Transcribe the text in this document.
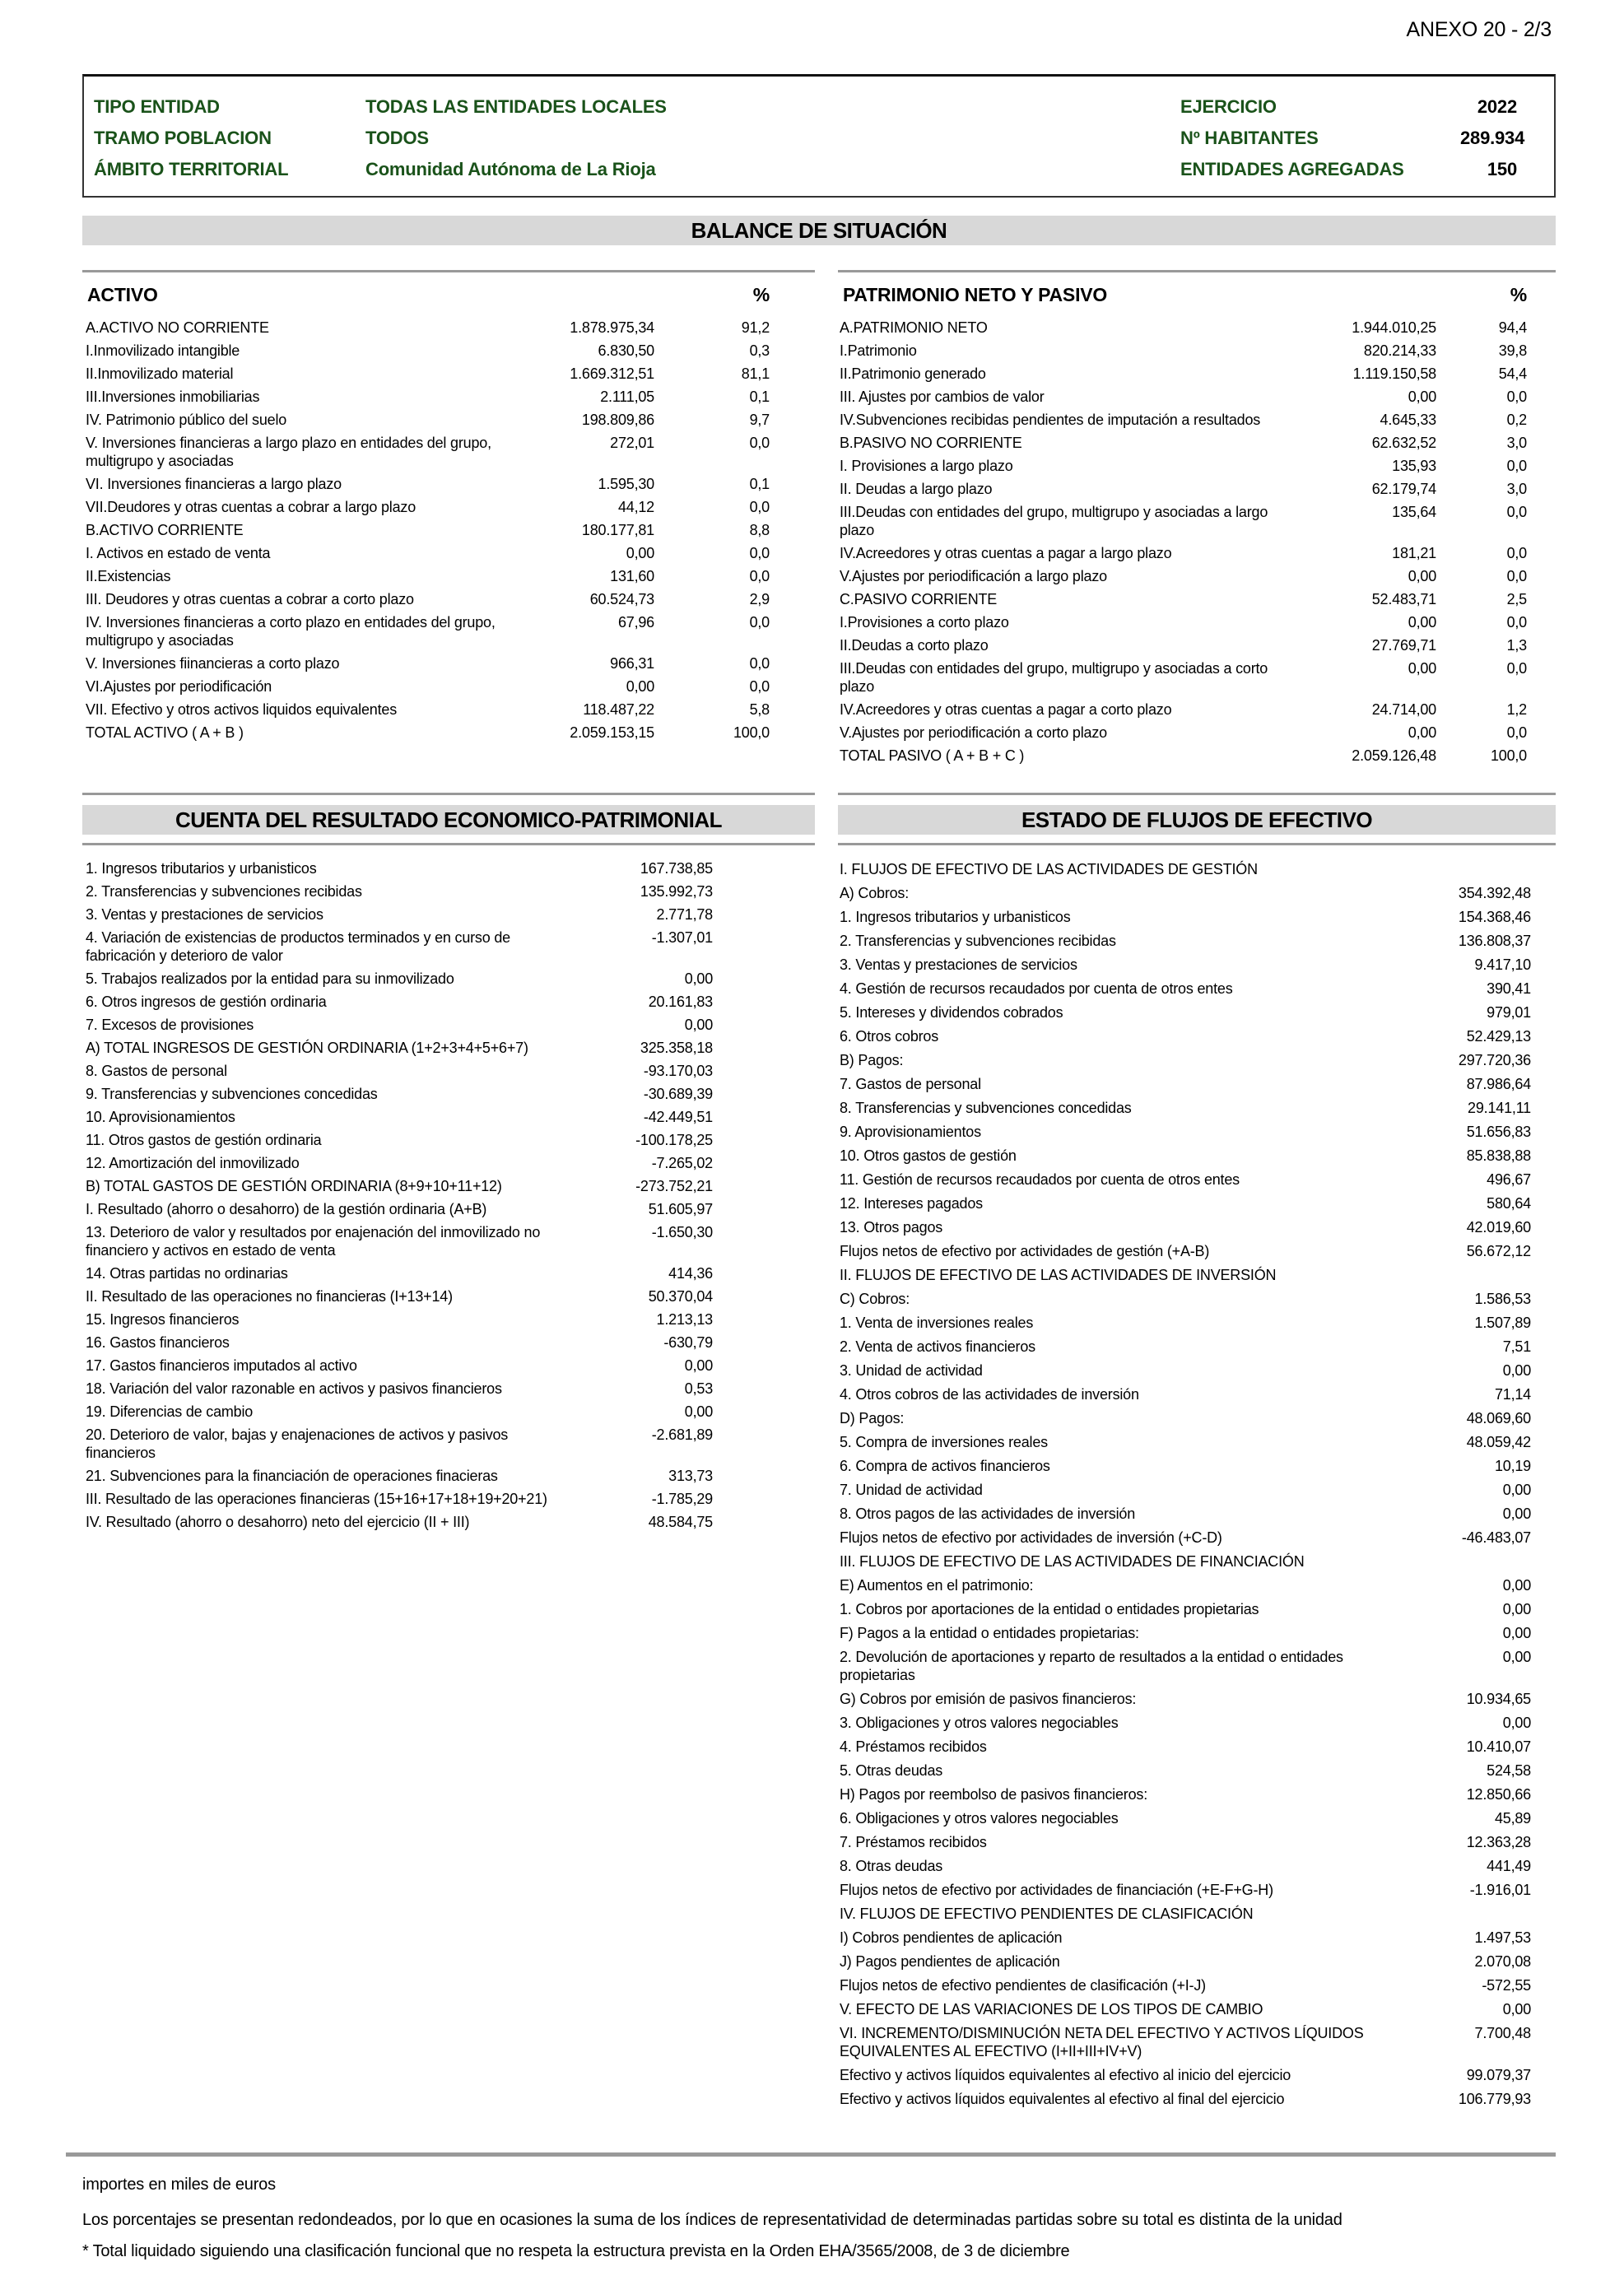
ANEXO 20 - 2/3
TIPO ENTIDAD	TODAS LAS ENTIDADES LOCALES	EJERCICIO	2022
TRAMO POBLACION	TODOS	Nº HABITANTES	289.934
ÁMBITO TERRITORIAL	Comunidad Autónoma de La Rioja	ENTIDADES AGREGADAS	150
BALANCE DE SITUACIÓN
ACTIVO	%
A.ACTIVO NO CORRIENTE	1.878.975,34	91,2
I.Inmovilizado intangible	6.830,50	0,3
II.Inmovilizado material	1.669.312,51	81,1
III.Inversiones inmobiliarias	2.111,05	0,1
IV. Patrimonio público del suelo	198.809,86	9,7
V. Inversiones financieras a largo plazo en entidades del grupo, multigrupo y asociadas
272,01	0,0
VI. Inversiones financieras a largo plazo	1.595,30	0,1
VII.Deudores y otras cuentas a cobrar a largo plazo	44,12	0,0
B.ACTIVO CORRIENTE	180.177,81	8,8
I. Activos en estado de venta	0,00	0,0
II.Existencias	131,60	0,0
III. Deudores y otras cuentas a cobrar a corto plazo	60.524,73	2,9
IV. Inversiones financieras a corto plazo en entidades del grupo, multigrupo y asociadas
67,96	0,0
V. Inversiones fiinancieras a corto plazo	966,31	0,0
VI.Ajustes por periodificación	0,00	0,0
VII. Efectivo y otros activos liquidos equivalentes	118.487,22	5,8
TOTAL ACTIVO ( A + B )	2.059.153,15	100,0
PATRIMONIO NETO Y PASIVO	%
A.PATRIMONIO NETO	1.944.010,25	94,4
I.Patrimonio	820.214,33	39,8
II.Patrimonio generado	1.119.150,58	54,4
III. Ajustes por cambios de valor	0,00	0,0
IV.Subvenciones recibidas pendientes de imputación a resultados	4.645,33	0,2
B.PASIVO NO CORRIENTE	62.632,52	3,0
I. Provisiones a largo plazo	135,93	0,0
II. Deudas a largo plazo	62.179,74	3,0
III.Deudas con entidades del grupo, multigrupo y asociadas a largo plazo
135,64	0,0
IV.Acreedores y otras cuentas a pagar a largo plazo	181,21	0,0
V.Ajustes por periodificación a largo plazo	0,00	0,0
C.PASIVO CORRIENTE	52.483,71	2,5
I.Provisiones a corto plazo	0,00	0,0
II.Deudas a corto plazo	27.769,71	1,3
III.Deudas con entidades del grupo, multigrupo y asociadas a corto plazo
0,00	0,0
IV.Acreedores y otras cuentas a pagar a corto plazo	24.714,00	1,2
V.Ajustes por periodificación a corto plazo	0,00	0,0
TOTAL PASIVO ( A + B + C )	2.059.126,48	100,0
CUENTA DEL RESULTADO ECONOMICO-PATRIMONIAL
1. Ingresos tributarios y urbanisticos	167.738,85
2. Transferencias y subvenciones recibidas	135.992,73
3. Ventas y prestaciones de servicios	2.771,78
4. Variación de existencias de productos terminados y en curso de fabricación y deterioro de valor
-1.307,01
5. Trabajos realizados por la entidad para su inmovilizado	0,00
6. Otros ingresos de gestión ordinaria	20.161,83
7. Excesos de provisiones	0,00
A) TOTAL INGRESOS DE GESTIÓN ORDINARIA (1+2+3+4+5+6+7)	325.358,18
8. Gastos de personal	-93.170,03
9. Transferencias y subvenciones concedidas	-30.689,39
10. Aprovisionamientos	-42.449,51
11. Otros gastos de gestión ordinaria	-100.178,25
12. Amortización del inmovilizado	-7.265,02
B) TOTAL GASTOS DE GESTIÓN ORDINARIA (8+9+10+11+12)	-273.752,21
I. Resultado (ahorro o desahorro) de la gestión ordinaria (A+B)	51.605,97
13. Deterioro de valor y resultados por enajenación del inmovilizado no financiero y activos en estado de venta
-1.650,30
14. Otras partidas no ordinarias	414,36
II. Resultado de las operaciones no financieras (I+13+14)	50.370,04
15. Ingresos financieros	1.213,13
16. Gastos financieros	-630,79
17. Gastos financieros imputados al activo	0,00
18. Variación del valor razonable en activos y pasivos financieros	0,53
19. Diferencias de cambio	0,00
20. Deterioro de valor, bajas y enajenaciones de activos y pasivos financieros
-2.681,89
21. Subvenciones para la financiación de operaciones finacieras	313,73
III. Resultado de las operaciones financieras (15+16+17+18+19+20+21)	-1.785,29
IV. Resultado (ahorro o desahorro) neto del ejercicio (II + III)	48.584,75
ESTADO DE FLUJOS DE EFECTIVO
I. FLUJOS DE EFECTIVO DE LAS ACTIVIDADES DE GESTIÓN
A) Cobros:	354.392,48
1. Ingresos tributarios y urbanisticos	154.368,46
2. Transferencias y subvenciones recibidas	136.808,37
3. Ventas y prestaciones de servicios	9.417,10
4. Gestión de recursos recaudados por cuenta de otros entes	390,41
5. Intereses y dividendos cobrados	979,01
6. Otros cobros	52.429,13
B) Pagos:	297.720,36
7. Gastos de personal	87.986,64
8. Transferencias y subvenciones concedidas	29.141,11
9. Aprovisionamientos	51.656,83
10. Otros gastos de gestión	85.838,88
11. Gestión de recursos recaudados por cuenta de otros entes	496,67
12. Intereses pagados	580,64
13. Otros pagos	42.019,60
Flujos netos de efectivo por actividades de gestión (+A-B)	56.672,12
II. FLUJOS DE EFECTIVO DE LAS ACTIVIDADES DE INVERSIÓN
C) Cobros:	1.586,53
1. Venta de inversiones reales	1.507,89
2. Venta de activos financieros	7,51
3. Unidad de actividad	0,00
4. Otros cobros de las actividades de inversión	71,14
D) Pagos:	48.069,60
5. Compra de inversiones reales	48.059,42
6. Compra de activos financieros	10,19
7. Unidad de actividad	0,00
8. Otros pagos de las actividades de inversión	0,00
Flujos netos de efectivo por actividades de inversión (+C-D)	-46.483,07
III. FLUJOS DE EFECTIVO DE LAS ACTIVIDADES DE FINANCIACIÓN
E) Aumentos en el patrimonio:	0,00
1. Cobros por aportaciones de la entidad o entidades propietarias	0,00
F) Pagos a la entidad o entidades propietarias:	0,00
2. Devolución de aportaciones y reparto de resultados a la entidad o entidades propietarias
0,00
G) Cobros por emisión de pasivos financieros:	10.934,65
3. Obligaciones y otros valores negociables	0,00
4. Préstamos recibidos	10.410,07
5. Otras deudas	524,58
H) Pagos por reembolso de pasivos financieros:	12.850,66
6. Obligaciones y otros valores negociables	45,89
7. Préstamos recibidos	12.363,28
8. Otras deudas	441,49
Flujos netos de efectivo por actividades de financiación (+E-F+G-H)	-1.916,01
IV. FLUJOS DE EFECTIVO PENDIENTES DE CLASIFICACIÓN
I) Cobros pendientes de aplicación	1.497,53
J) Pagos pendientes de aplicación	2.070,08
Flujos netos de efectivo pendientes de clasificación (+I-J)	-572,55
V. EFECTO DE LAS VARIACIONES DE LOS TIPOS DE CAMBIO	0,00
VI. INCREMENTO/DISMINUCIÓN NETA DEL EFECTIVO Y ACTIVOS LÍQUIDOS EQUIVALENTES AL EFECTIVO (I+II+III+IV+V)
7.700,48
Efectivo y activos líquidos equivalentes al efectivo al inicio del ejercicio	99.079,37
Efectivo y activos líquidos equivalentes al efectivo al final del ejercicio	106.779,93

importes en miles de euros

Los porcentajes se presentan redondeados, por lo que en ocasiones la suma de los índices de representatividad de determinadas partidas sobre su total es distinta de la unidad

* Total liquidado siguiendo una clasificación funcional que no respeta la estructura prevista en la Orden EHA/3565/2008, de 3 de diciembre
